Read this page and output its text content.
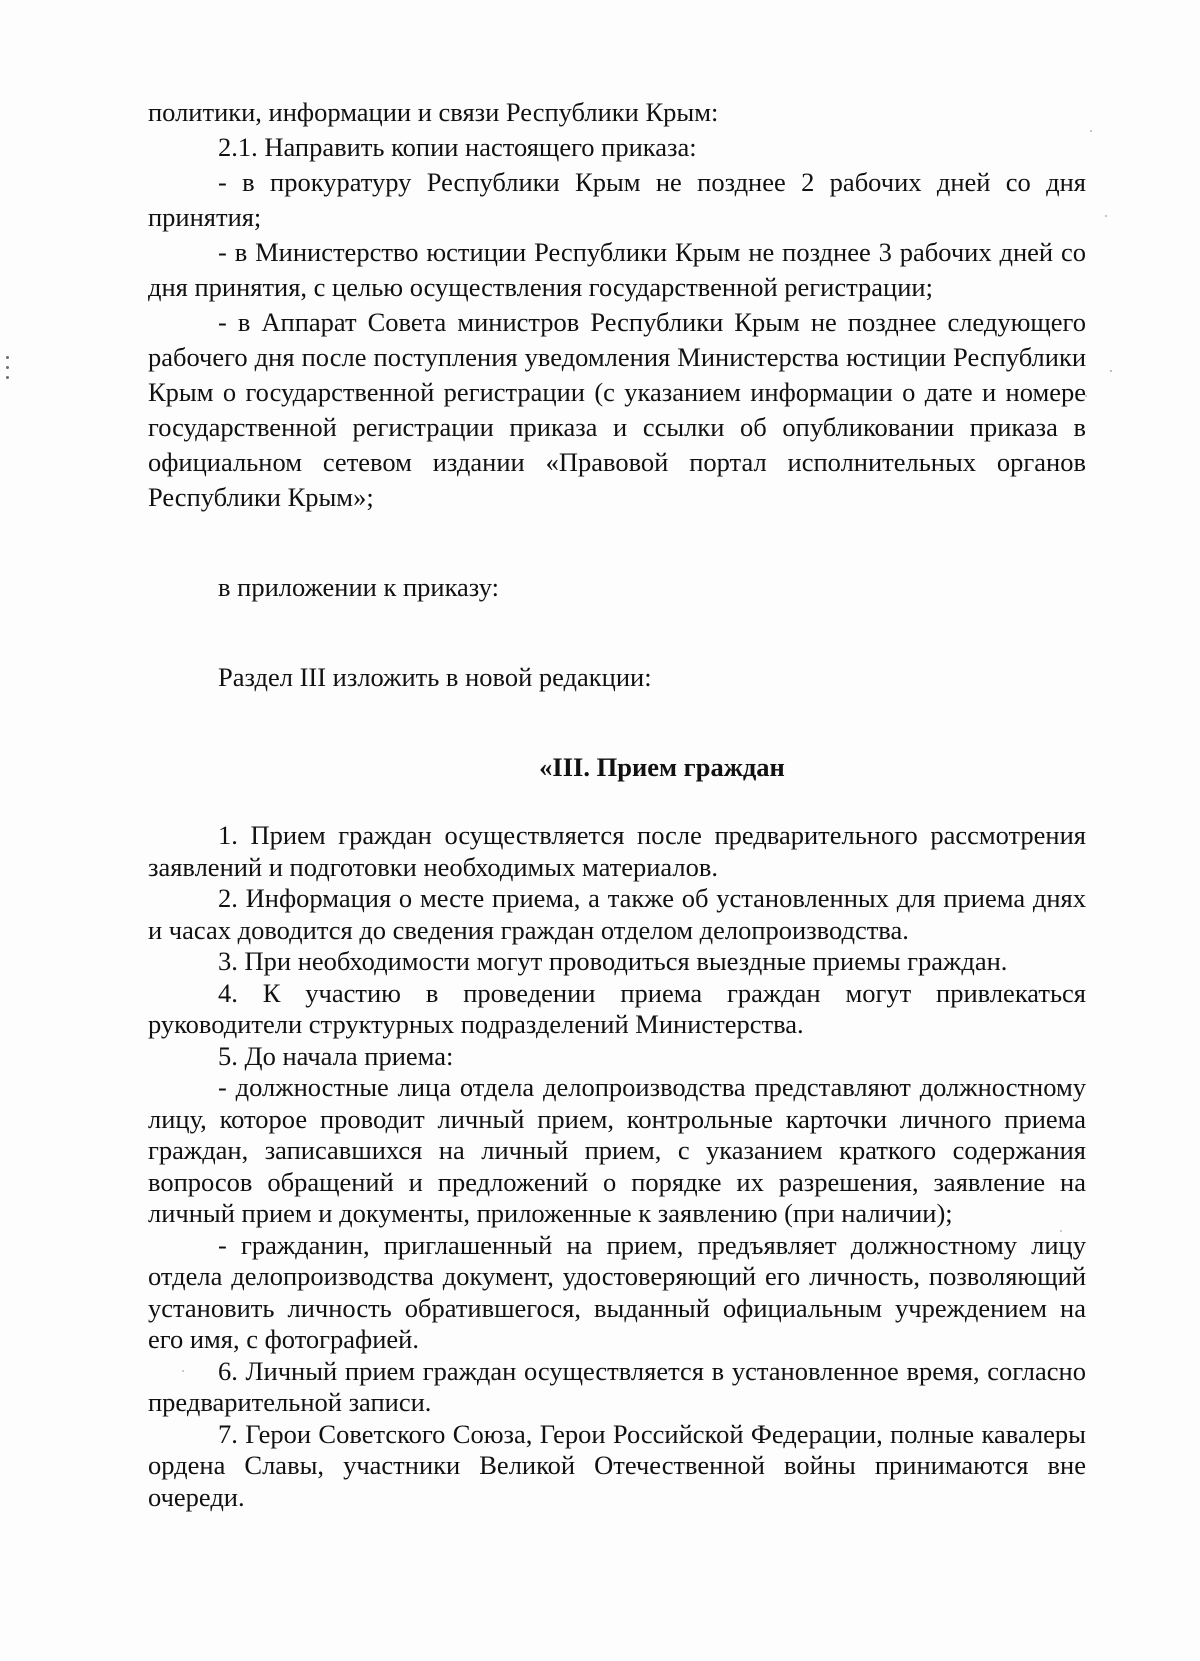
политики, информации и связи Республики Крым:

2.1. Направить копии настоящего приказа:

- в прокуратуру Республики Крым не позднее 2 рабочих дней со дня принятия;

- в Министерство юстиции Республики Крым не позднее 3 рабочих дней со дня принятия, с целью осуществления государственной регистрации;

- в Аппарат Совета министров Республики Крым не позднее следующего рабочего дня после поступления уведомления Министерства юстиции Республики Крым о государственной регистрации (с указанием информации о дате и номере государственной регистрации приказа и ссылки об опубликовании приказа в официальном сетевом издании «Правовой портал исполнительных органов Республики Крым»;

в приложении к приказу:

Раздел III изложить в новой редакции:

«III. Прием граждан

1. Прием граждан осуществляется после предварительного рассмотрения заявлений и подготовки необходимых материалов.

2. Информация о месте приема, а также об установленных для приема днях и часах доводится до сведения граждан отделом делопроизводства.

3. При необходимости могут проводиться выездные приемы граждан.

4. К участию в проведении приема граждан могут привлекаться руководители структурных подразделений Министерства.

5. До начала приема:

- должностные лица отдела делопроизводства представляют должностному лицу, которое проводит личный прием, контрольные карточки личного приема граждан, записавшихся на личный прием, с указанием краткого содержания вопросов обращений и предложений о порядке их разрешения, заявление на личный прием и документы, приложенные к заявлению (при наличии);

- гражданин, приглашенный на прием, предъявляет должностному лицу отдела делопроизводства документ, удостоверяющий его личность, позволяющий установить личность обратившегося, выданный официальным учреждением на его имя, с фотографией.

6. Личный прием граждан осуществляется в установленное время, согласно предварительной записи.

7. Герои Советского Союза, Герои Российской Федерации, полные кавалеры ордена Славы, участники Великой Отечественной войны принимаются вне очереди.
